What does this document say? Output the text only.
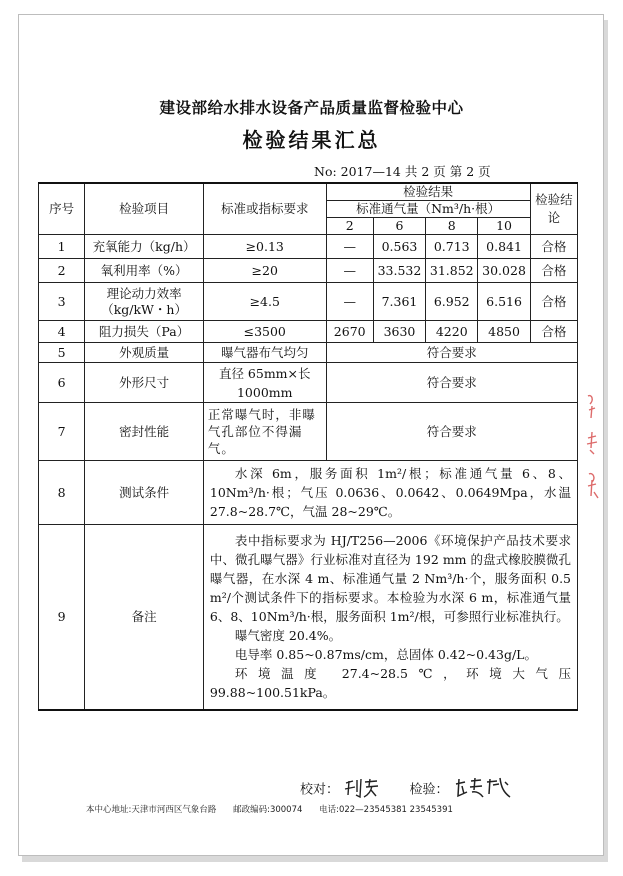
建设部给水排水设备产品质量监督检验中心
检验结果汇总
No: 2017—14 共 2 页 第 2 页
序号	检验项目	标准或指标要求	检验结果				检验结论
			标准通气量（Nm³/h·根）				
			2	6	8	10	
1	充氧能力（kg/h）	≥0.13	—	0.563	0.713	0.841	合格
2	氧利用率（%）	≥20	—	33.532	31.852	30.028	合格
3	理论动力效率（kg/kW・h）	≥4.5	—	7.361	6.952	6.516	合格
4	阻力损失（Pa）	≤3500	2670	3630	4220	4850	合格
5	外观质量	曝气器布气均匀	符合要求				
6	外形尺寸	直径 65mm×长 1000mm	符合要求				
7	密封性能	正常曝气时，非曝气孔部位不得漏气。	符合要求				
8	测试条件	水深 6m，服务面积 1m²/根；标准通气量 6、8、10Nm³/h·根；气压 0.0636、0.0642、0.0649Mpa，水温 27.8~28.7℃，气温 28~29℃。					

9	备注	表中指标要求为 HJ/T256—2006《环境保护产品技术要求 中、微孔曝气器》行业标准对直径为 192 mm 的盘式橡胶膜微孔曝气器，在水深 4 m、标准通气量 2 Nm³/h·个，服务面积 0.5 m²/个测试条件下的指标要求。本检验为水深 6 m，标准通气量 6、8、10Nm³/h·根，服务面积 1m²/根，可参照行业标准执行。

曝气密度 20.4%。

电导率 0.85~0.87ms/cm，总固体 0.42~0.43g/L。

环境温度 27.4~28.5℃，环境大气压 99.88~100.51kPa。					

校对：	检验：
本中心地址:天津市河西区气象台路 邮政编码:300074 电话:022—23545381 23545391
